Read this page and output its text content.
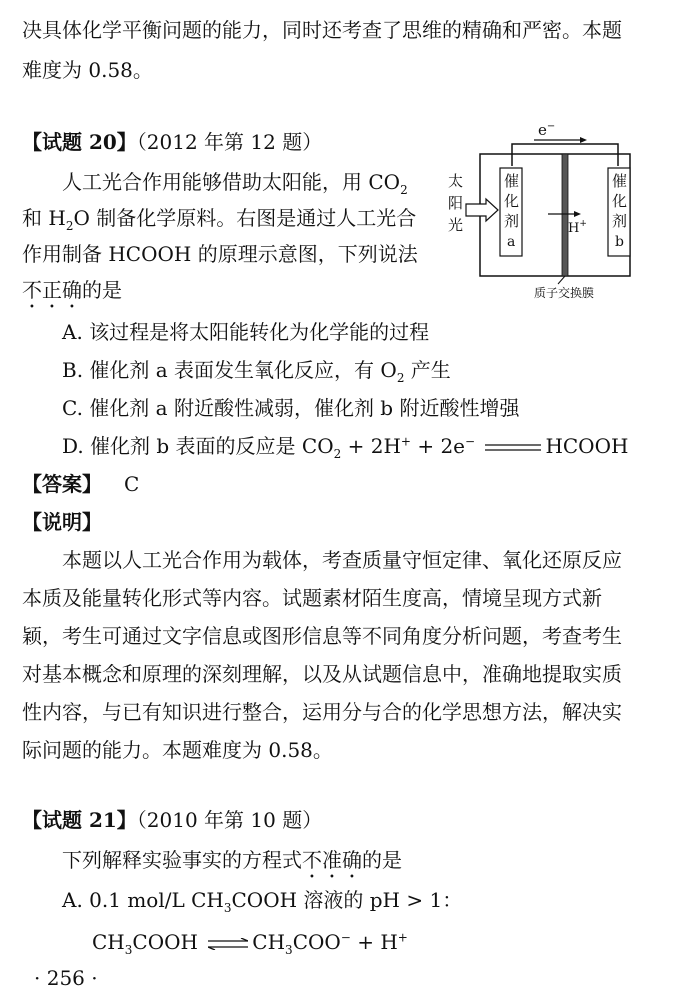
决具体化学平衡问题的能力，同时还考查了思维的精确和严密。本题
难度为 0.58。
【试题 20】（2012 年第 12 题）
人工光合作用能够借助太阳能，用 $CO_2$
和 $H_2O$ 制备化学原料。右图是通过人工光合
作用制备 HCOOH 的原理示意图，下列说法
不正确的是
e−
催
化
剂
a
催
化
剂
b
质子交换膜
H+
太
阳
光
A. 该过程是将太阳能转化为化学能的过程
B. 催化剂 a 表面发生氧化反应，有 $O_2$ 产生
C. 催化剂 a 附近酸性减弱，催化剂 b 附近酸性增强
D. 催化剂 b 表面的反应是 $CO_2 + 2H^+ + 2e^-$	HCOOH
【答案】 C
【说明】
本题以人工光合作用为载体，考查质量守恒定律、氧化还原反应
本质及能量转化形式等内容。试题素材陌生度高，情境呈现方式新
颖，考生可通过文字信息或图形信息等不同角度分析问题，考查考生
对基本概念和原理的深刻理解，以及从试题信息中，准确地提取实质
性内容，与已有知识进行整合，运用分与合的化学思想方法，解决实
际问题的能力。本题难度为 0.58。
【试题 21】（2010 年第 10 题）
下列解释实验事实的方程式不准确的是
A. 0.1 mol/L $CH_3COOH$ 溶液的 pH > 1：
$CH_3COOH$ ⇌ $CH_3COO^- + H^+$
· 256 ·
